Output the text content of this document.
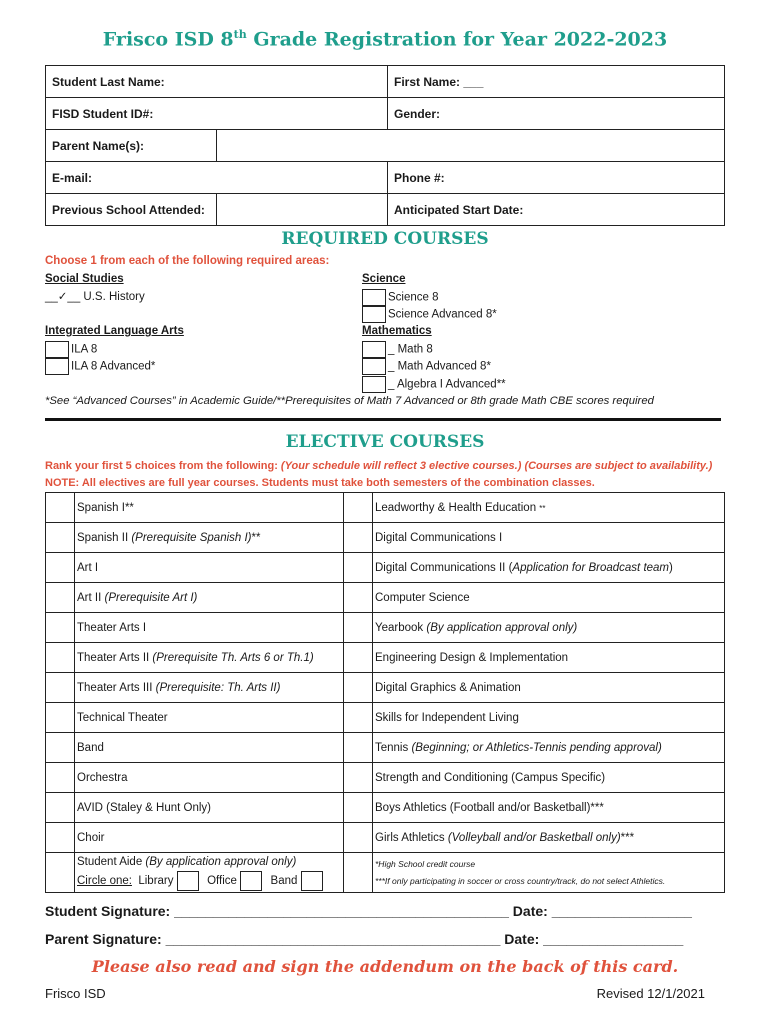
Frisco ISD 8th Grade Registration for Year 2022-2023
Student Last Name:		First Name: ___
FISD Student ID#:		Gender:
Parent Name(s):		
E-mail:		Phone #:
Previous School Attended:		Anticipated Start Date:
REQUIRED COURSES
Choose 1 from each of the following required areas:
Social Studies
__✓__ U.S. History
Science
Science 8
Science Advanced 8*
Integrated Language Arts
ILA 8
ILA 8 Advanced*
Mathematics
_ Math 8
_ Math Advanced 8*
_ Algebra I Advanced**
*See “Advanced Courses” in Academic Guide/**Prerequisites of Math 7 Advanced or 8th grade Math CBE scores required
ELECTIVE COURSES
Rank your first 5 choices from the following: (Your schedule will reflect 3 elective courses.) (Courses are subject to availability.) NOTE: All electives are full year courses. Students must take both semesters of the combination classes.
	Spanish I**		Leadworthy & Health Education **
	Spanish II (Prerequisite Spanish I)**		Digital Communications I
	Art I		Digital Communications II (Application for Broadcast team)
	Art II (Prerequisite Art I)		Computer Science
	Theater Arts I		Yearbook (By application approval only)
	Theater Arts II (Prerequisite Th. Arts 6 or Th.1)		Engineering Design & Implementation
	Theater Arts III (Prerequisite: Th. Arts II)		Digital Graphics & Animation
	Technical Theater		Skills for Independent Living
	Band		Tennis (Beginning; or Athletics-Tennis pending approval)
	Orchestra		Strength and Conditioning (Campus Specific)
	AVID (Staley & Hunt Only)		Boys Athletics (Football and/or Basketball)***
	Choir		Girls Athletics (Volleyball and/or Basketball only)***
	Student Aide (By application approval only)
Circle one: Library Office Band		*High School credit course
***If only participating in soccer or cross country/track, do not select Athletics.
Student Signature: ___________________________________________ Date: __________________
Parent Signature: ___________________________________________ Date: __________________
Please also read and sign the addendum on the back of this card.
Frisco ISD	Revised 12/1/2021
